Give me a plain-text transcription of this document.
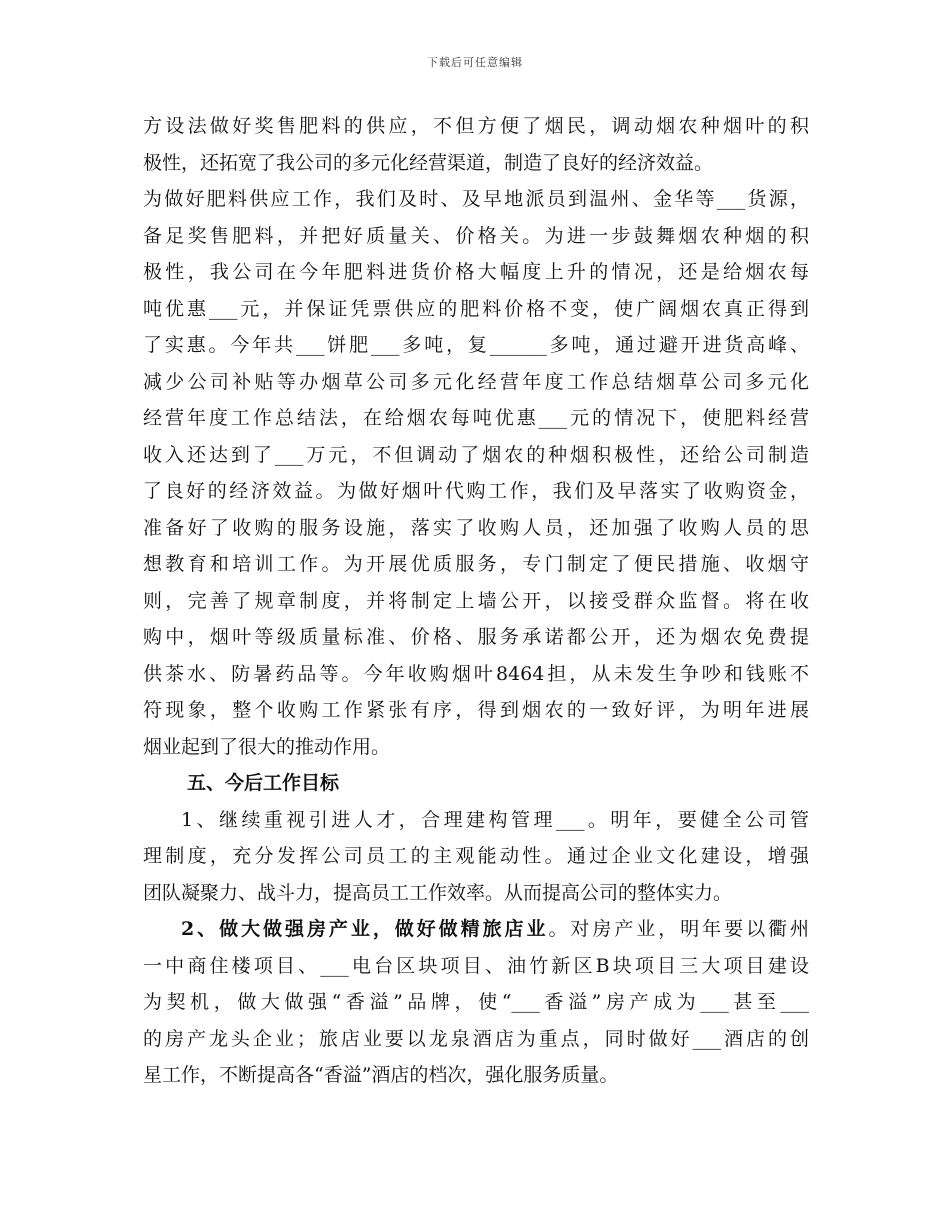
下载后可任意编辑
方设法做好奖售肥料的供应，不但方便了烟民，调动烟农种烟叶的积
极性，还拓宽了我公司的多元化经营渠道，制造了良好的经济效益。
为做好肥料供应工作，我们及时、及早地派员到温州、金华等___货源，
备足奖售肥料，并把好质量关、价格关。为进一步鼓舞烟农种烟的积
极性，我公司在今年肥料进货价格大幅度上升的情况，还是给烟农每
吨优惠___元，并保证凭票供应的肥料价格不变，使广阔烟农真正得到
了实惠。今年共___饼肥___多吨，复______多吨，通过避开进货高峰、
减少公司补贴等办烟草公司多元化经营年度工作总结烟草公司多元化
经营年度工作总结法，在给烟农每吨优惠___元的情况下，使肥料经营
收入还达到了___万元，不但调动了烟农的种烟积极性，还给公司制造
了良好的经济效益。为做好烟叶代购工作，我们及早落实了收购资金，
准备好了收购的服务设施，落实了收购人员，还加强了收购人员的思
想教育和培训工作。为开展优质服务，专门制定了便民措施、收烟守
则，完善了规章制度，并将制定上墙公开，以接受群众监督。将在收
购中，烟叶等级质量标准、价格、服务承诺都公开，还为烟农免费提
供茶水、防暑药品等。今年收购烟叶8464担，从未发生争吵和钱账不
符现象，整个收购工作紧张有序，得到烟农的一致好评，为明年进展
烟业起到了很大的推动作用。
五、今后工作目标
1、继续重视引进人才，合理建构管理___。明年，要健全公司管
理制度，充分发挥公司员工的主观能动性。通过企业文化建设，增强
团队凝聚力、战斗力，提高员工工作效率。从而提高公司的整体实力。
2、做大做强房产业，做好做精旅店业。对房产业，明年要以衢州
一中商住楼项目、___电台区块项目、油竹新区B块项目三大项目建设
为契机，做大做强“香溢”品牌，使“___香溢”房产成为___甚至___
的房产龙头企业；旅店业要以龙泉酒店为重点，同时做好___酒店的创
星工作，不断提高各“香溢”酒店的档次，强化服务质量。
